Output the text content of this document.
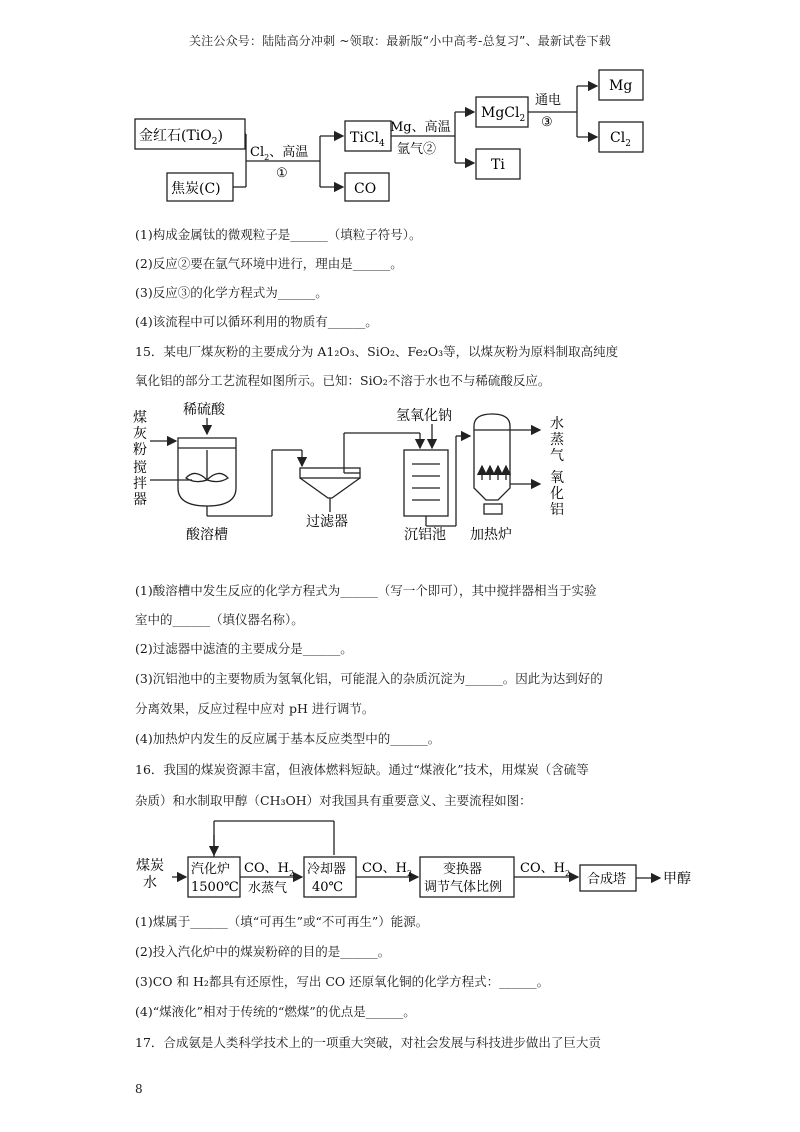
关注公众号：陆陆高分冲刺 ~领取：最新版“小中高考-总复习”、最新试卷下载
金红石(TiO$_2$)
焦炭(C)
$Cl_2$、高温
①
TiCl$_4$
CO
Mg、高温
氩气②
MgCl$_2$
Ti
通电
③
Mg
$Cl_2$
(1)构成金属钛的微观粒子是______（填粒子符号）。
(2)反应②要在氩气环境中进行，理由是______。
(3)反应③的化学方程式为______。
(4)该流程中可以循环利用的物质有______。
15．某电厂煤灰粉的主要成分为 A1₂O₃、SiO₂、Fe₂O₃等，以煤灰粉为原料制取高纯度
氧化铝的部分工艺流程如图所示。已知：SiO₂不溶于水也不与稀硫酸反应。
煤
灰
粉
搅
拌
器
稀硫酸
酸溶槽
过滤器
氢氧化钠
沉铝池 加热炉
水
蒸
气
氧
化
铝
(1)酸溶槽中发生反应的化学方程式为______（写一个即可），其中搅拌器相当于实验
室中的______（填仪器名称）。
(2)过滤器中滤渣的主要成分是______。
(3)沉铝池中的主要物质为氢氧化铝，可能混入的杂质沉淀为______。因此为达到好的
分离效果，反应过程中应对 pH 进行调节。
(4)加热炉内发生的反应属于基本反应类型中的______。
16．我国的煤炭资源丰富，但液体燃料短缺。通过“煤液化”技术，用煤炭（含硫等
杂质）和水制取甲醇（CH₃OH）对我国具有重要意义、主要流程如图：
煤炭
水
汽化炉
1500℃
CO、$H_2$
水蒸气
冷却器
40℃
CO、$H_2$ 变换器
调节气体比例
CO、$H_2$ 合成塔	甲醇
(1)煤属于______（填“可再生”或“不可再生”）能源。
(2)投入汽化炉中的煤炭粉碎的目的是______。
(3)CO 和 H₂都具有还原性，写出 CO 还原氧化铜的化学方程式：______。
(4)“煤液化”相对于传统的“燃煤”的优点是______。
17．合成氨是人类科学技术上的一项重大突破，对社会发展与科技进步做出了巨大贡
8
